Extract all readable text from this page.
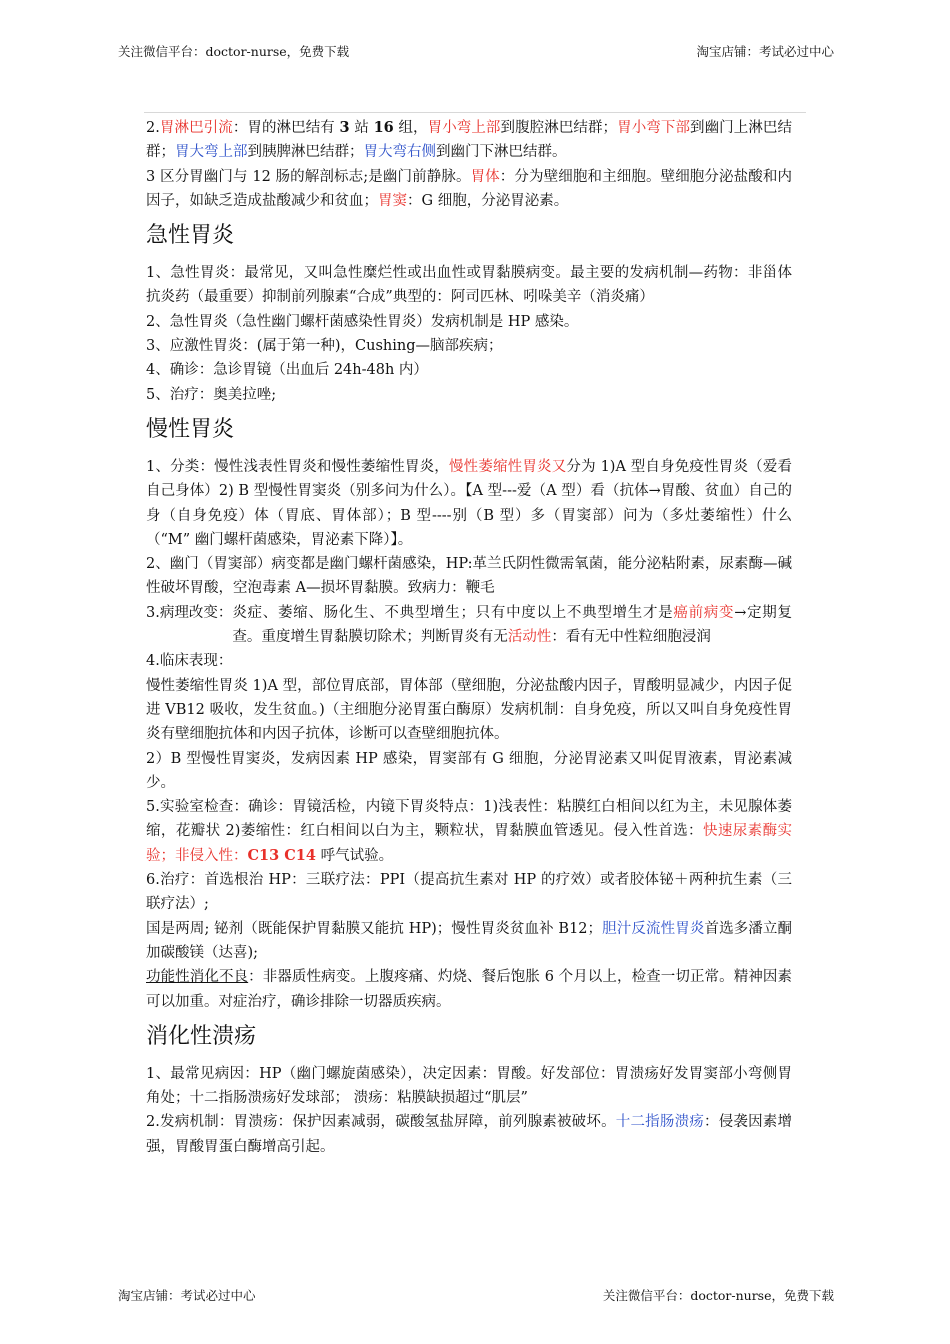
关注微信平台：doctor-nurse，免费下载	淘宝店铺：考试必过中心

2.胃淋巴引流：胃的淋巴结有 3 站 16 组，胃小弯上部到腹腔淋巴结群；胃小弯下部到幽门上淋巴结群；胃大弯上部到胰脾淋巴结群；胃大弯右侧到幽门下淋巴结群。

3 区分胃幽门与 12 肠的解剖标志;是幽门前静脉。胃体：分为壁细胞和主细胞。壁细胞分泌盐酸和内因子，如缺乏造成盐酸减少和贫血；胃窦：G 细胞，分泌胃泌素。

急性胃炎

1、急性胃炎：最常见，又叫急性糜烂性或出血性或胃黏膜病变。最主要的发病机制—药物：非甾体抗炎药（最重要）抑制前列腺素“合成”典型的：阿司匹林、吲哚美辛（消炎痛）

2、急性胃炎（急性幽门螺杆菌感染性胃炎）发病机制是 HP 感染。

3、应激性胃炎：(属于第一种)，Cushing—脑部疾病；

4、确诊：急诊胃镜（出血后 24h-48h 内）

5、治疗：奥美拉唑;

慢性胃炎

1、分类：慢性浅表性胃炎和慢性萎缩性胃炎，慢性萎缩性胃炎又分为 1)A 型自身免疫性胃炎（爱看自己身体）2) B 型慢性胃窦炎（别多问为什么）。【A 型---爱（A 型）看（抗体→胃酸、贫血）自己的身（自身免疫）体（胃底、胃体部）；B 型----别（B 型）多（胃窦部）问为（多灶萎缩性）什么（“M” 幽门螺杆菌感染，胃泌素下降）】。

2、幽门（胃窦部）病变都是幽门螺杆菌感染，HP:革兰氏阴性微需氧菌，能分泌粘附素，尿素酶—碱性破坏胃酸，空泡毒素 A—损坏胃黏膜。致病力：鞭毛

3.病理改变： 炎症、萎缩、肠化生、不典型增生；只有中度以上不典型增生才是癌前病变→定期复查。重度增生胃黏膜切除术；判断胃炎有无活动性：看有无中性粒细胞浸润

4.临床表现：

慢性萎缩性胃炎 1)A 型，部位胃底部，胃体部（壁细胞，分泌盐酸内因子，胃酸明显减少，内因子促进 VB12 吸收，发生贫血。)（主细胞分泌胃蛋白酶原）发病机制：自身免疫，所以又叫自身免疫性胃炎有壁细胞抗体和内因子抗体，诊断可以查壁细胞抗体。

2）B 型慢性胃窦炎，发病因素 HP 感染，胃窦部有 G 细胞，分泌胃泌素又叫促胃液素，胃泌素减少。

5.实验室检查：确诊：胃镜活检，内镜下胃炎特点：1)浅表性：粘膜红白相间以红为主，未见腺体萎缩，花瓣状 2)萎缩性：红白相间以白为主，颗粒状，胃黏膜血管透见。侵入性首选：快速尿素酶实验；非侵入性：C13 C14 呼气试验。

6.治疗：首选根治 HP：三联疗法：PPI（提高抗生素对 HP 的疗效）或者胶体铋＋两种抗生素（三联疗法）;

国是两周; 铋剂（既能保护胃黏膜又能抗 HP)；慢性胃炎贫血补 B12；胆汁反流性胃炎首选多潘立酮加碳酸镁（达喜);

功能性消化不良：非器质性病变。上腹疼痛、灼烧、餐后饱胀 6 个月以上，检查一切正常。精神因素可以加重。对症治疗，确诊排除一切器质疾病。

消化性溃疡

1、最常见病因：HP（幽门螺旋菌感染），决定因素：胃酸。好发部位：胃溃疡好发胃窦部小弯侧胃角处；十二指肠溃疡好发球部； 溃疡：粘膜缺损超过“肌层”

2.发病机制：胃溃疡：保护因素减弱，碳酸氢盐屏障，前列腺素被破坏。十二指肠溃疡：侵袭因素增强，胃酸胃蛋白酶增高引起。

淘宝店铺：考试必过中心	关注微信平台：doctor-nurse，免费下载
